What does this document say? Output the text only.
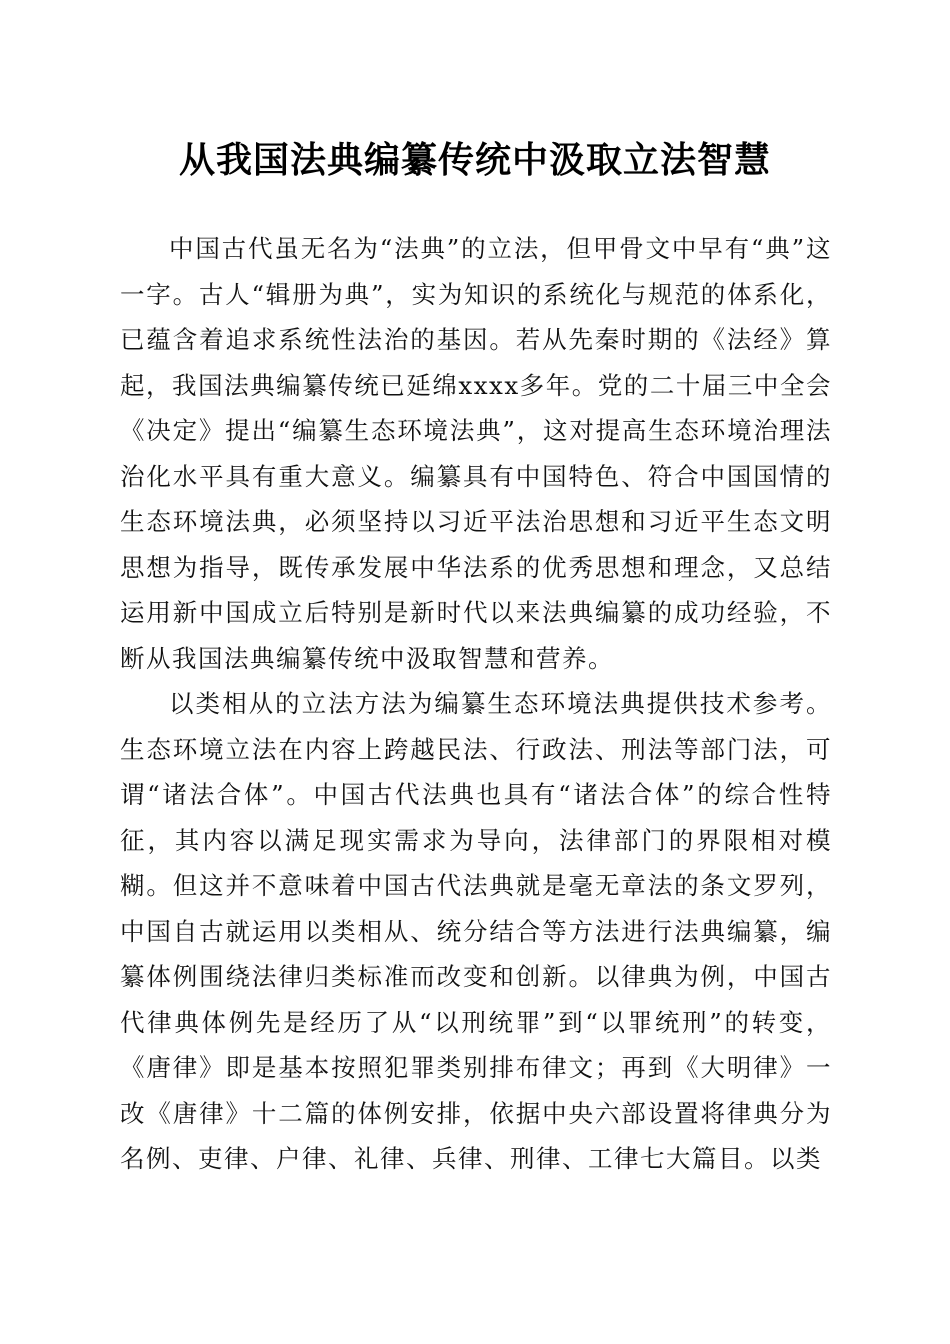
从我国法典编纂传统中汲取立法智慧

中国古代虽无名为“法典”的立法，但甲骨文中早有“典”这一字。古人“辑册为典”，实为知识的系统化与规范的体系化，已蕴含着追求系统性法治的基因。若从先秦时期的《法经》算起，我国法典编纂传统已延绵xxxx多年。党的二十届三中全会《决定》提出“编纂生态环境法典”，这对提高生态环境治理法治化水平具有重大意义。编纂具有中国特色、符合中国国情的生态环境法典，必须坚持以习近平法治思想和习近平生态文明思想为指导，既传承发展中华法系的优秀思想和理念，又总结运用新中国成立后特别是新时代以来法典编纂的成功经验，不断从我国法典编纂传统中汲取智慧和营养。

以类相从的立法方法为编纂生态环境法典提供技术参考。生态环境立法在内容上跨越民法、行政法、刑法等部门法，可谓“诸法合体”。中国古代法典也具有“诸法合体”的综合性特征，其内容以满足现实需求为导向，法律部门的界限相对模糊。但这并不意味着中国古代法典就是毫无章法的条文罗列，中国自古就运用以类相从、统分结合等方法进行法典编纂，编纂体例围绕法律归类标准而改变和创新。以律典为例，中国古代律典体例先是经历了从“以刑统罪”到“以罪统刑”的转变，《唐律》即是基本按照犯罪类别排布律文；再到《大明律》一改《唐律》十二篇的体例安排，依据中央六部设置将律典分为名例、吏律、户律、礼律、兵律、刑律、工律七大篇目。以类
